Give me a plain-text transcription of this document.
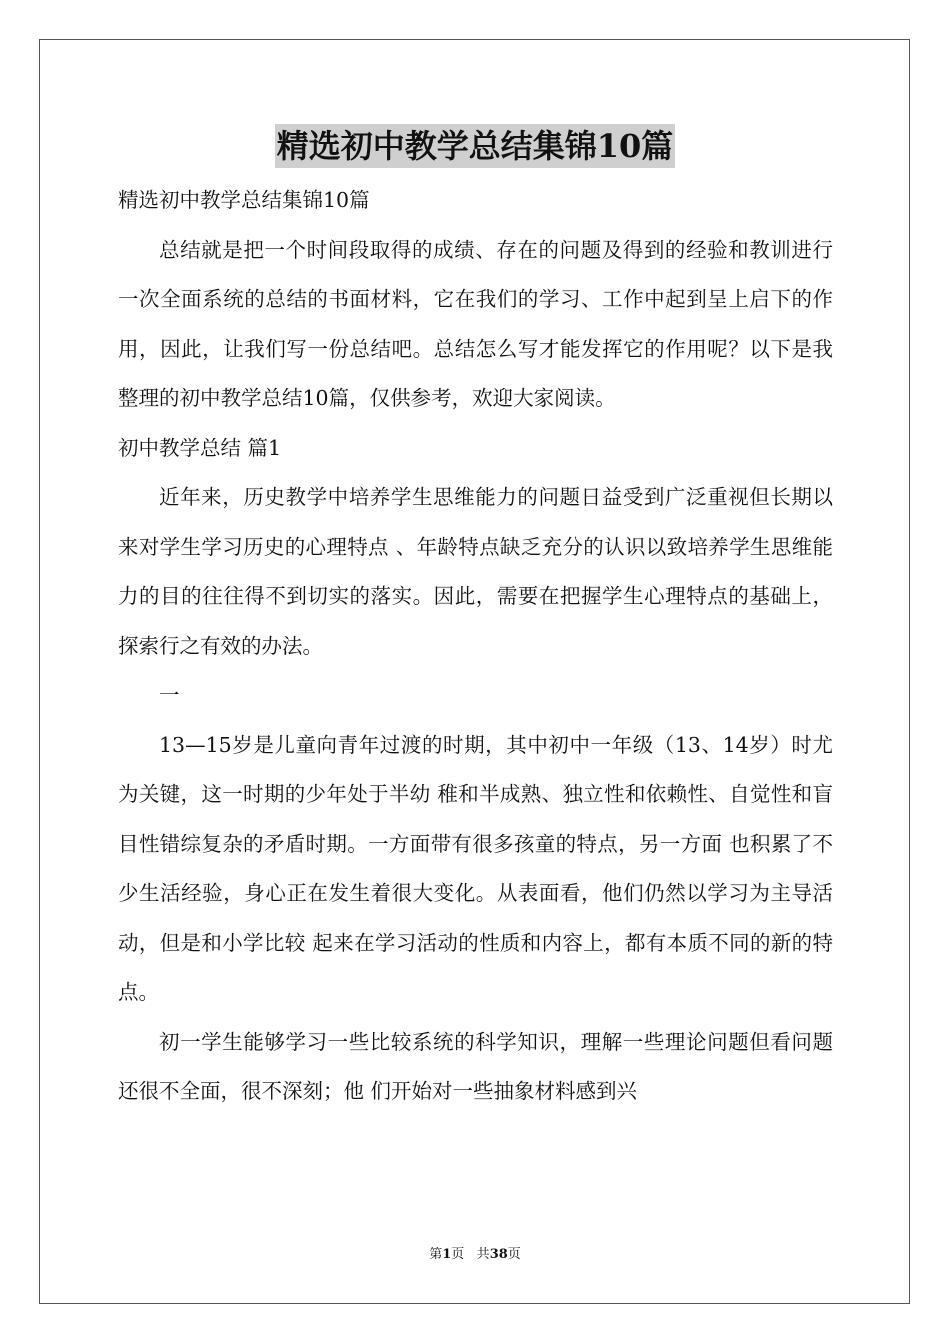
精选初中教学总结集锦10篇

精选初中教学总结集锦10篇

总结就是把一个时间段取得的成绩、存在的问题及得到的经验和教训进行一次全面系统的总结的书面材料，它在我们的学习、工作中起到呈上启下的作用，因此，让我们写一份总结吧。总结怎么写才能发挥它的作用呢？以下是我整理的初中教学总结10篇，仅供参考，欢迎大家阅读。

初中教学总结 篇1

近年来，历史教学中培养学生思维能力的问题日益受到广泛重视但长期以来对学生学习历史的心理特点 、年龄特点缺乏充分的认识以致培养学生思维能力的目的往往得不到切实的落实。因此，需要在把握学生心理特点的基础上，探索行之有效的办法。

一

13—15岁是儿童向青年过渡的时期，其中初中一年级（13、14岁）时尤为关键，这一时期的少年处于半幼 稚和半成熟、独立性和依赖性、自觉性和盲目性错综复杂的矛盾时期。一方面带有很多孩童的特点，另一方面 也积累了不少生活经验，身心正在发生着很大变化。从表面看，他们仍然以学习为主导活动，但是和小学比较 起来在学习活动的性质和内容上，都有本质不同的新的特点。

初一学生能够学习一些比较系统的科学知识，理解一些理论问题但看问题还很不全面，很不深刻；他 们开始对一些抽象材料感到兴

第1页 共38页
